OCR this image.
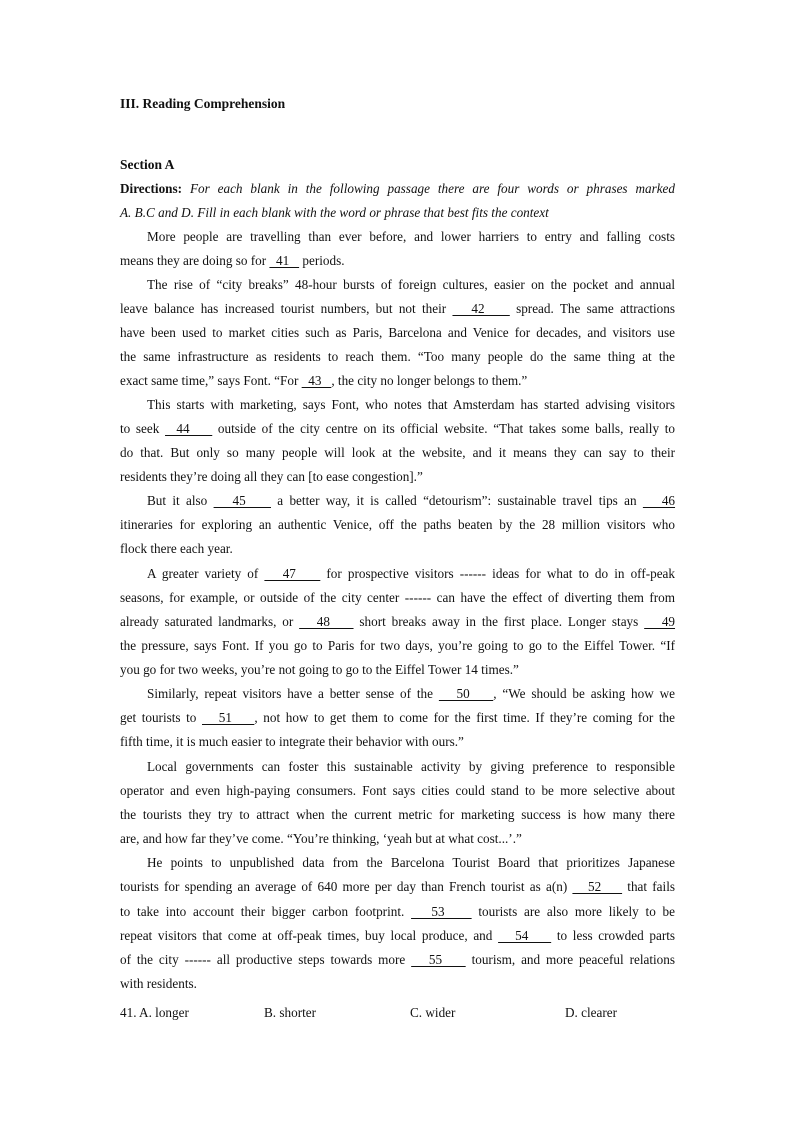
III. Reading Comprehension
Section A
Directions: For each blank in the following passage there are four words or phrases marked
A. B.C and D. Fill in each blank with the word or phrase that best fits the context
More people are travelling than ever before, and lower harriers to entry and falling costs
means they are doing so for   41    periods.
The rise of “city breaks” 48-hour bursts of foreign cultures, easier on the pocket and annual
leave balance has increased tourist numbers, but not their    42     spread. The same attractions
have been used to market cities such as Paris, Barcelona and Venice for decades, and visitors use
the same infrastructure as residents to reach them. “Too many people do the same thing at the
exact same time,” says Font. “For   43   , the city no longer belongs to them.”
This starts with marketing, says Font, who notes that Amsterdam has started advising visitors
to seek   44     outside of the city centre on its official website. “That takes some balls, really to
do that. But only so many people will look at the website, and it means they can say to their
residents they’re doing all they can [to ease congestion].”
But it also    45     a better way, it is called “detourism”: sustainable travel tips an    46
itineraries for exploring an authentic Venice, off the paths beaten by the 28 million visitors who
flock there each year.
A greater variety of    47     for prospective visitors ------ ideas for what to do in off-peak
seasons, for example, or outside of the city center ------ can have the effect of diverting them from
already saturated landmarks, or    48     short breaks away in the first place. Longer stays    49
the pressure, says Font. If you go to Paris for two days, you’re going to go to the Eiffel Tower. “If
you go for two weeks, you’re not going to go to the Eiffel Tower 14 times.”
Similarly, repeat visitors have a better sense of the    50    , “We should be asking how we
get tourists to    51    , not how to get them to come for the first time. If they’re coming for the
fifth time, it is much easier to integrate their behavior with ours.”
Local governments can foster this sustainable activity by giving preference to responsible
operator and even high-paying consumers. Font says cities could stand to be more selective about
the tourists they try to attract when the current metric for marketing success is how many there
are, and how far they’ve come. “You’re thinking, ‘yeah but at what cost...’.”
He points to unpublished data from the Barcelona Tourist Board that prioritizes Japanese
tourists for spending an average of 640 more per day than French tourist as a(n)    52     that fails
to take into account their bigger carbon footprint.    53     tourists are also more likely to be
repeat visitors that come at off-peak times, buy local produce, and    54     to less crowded parts
of the city ------ all productive steps towards more    55     tourism, and more peaceful relations
with residents.
41. A. longer	B. shorter	C. wider	D. clearer
